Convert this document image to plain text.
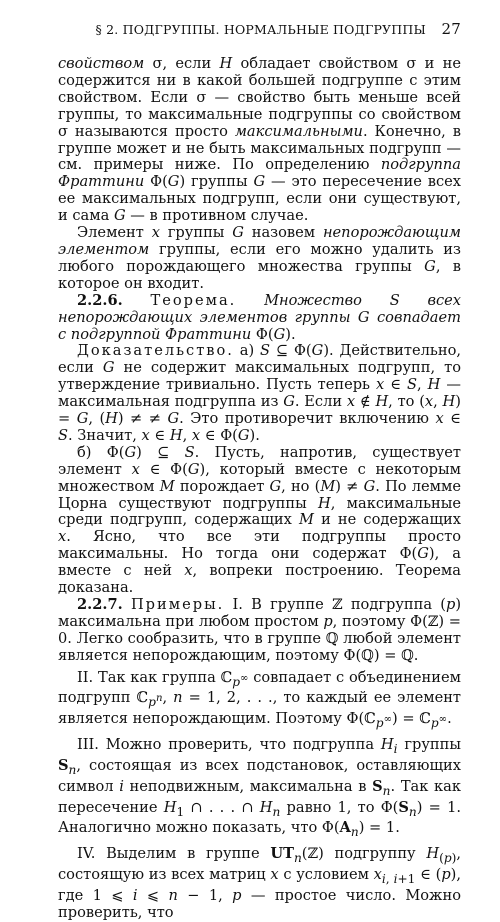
§ 2. ПОДГРУППЫ. НОРМАЛЬНЫЕ ПОДГРУППЫ	27

свойством σ, если H обладает свойством σ и не содержится ни в какой большей подгруппе с этим свойством. Если σ — свойство быть меньше всей группы, то максимальные подгруппы со свойством σ называются просто максимальными. Конечно, в группе может и не быть максимальных подгрупп — см. примеры ниже. По определению подгруппа Фраттини Φ(G) группы G — это пересечение всех ее максимальных подгрупп, если они существуют, и сама G — в противном случае.

Элемент x группы G назовем непорождающим элементом группы, если его можно удалить из любого порождающего множества группы G, в которое он входит.

2.2.6. Теорема. Множество S всех непорождающих элементов группы G совпадает с подгруппой Фраттини Φ(G).

Доказательство. а) S ⊆ Φ(G). Действительно, если G не содержит максимальных подгрупп, то утверждение тривиально. Пусть теперь x ∈ S, H — максимальная подгруппа из G. Если x ∉ H, то (x, H) = G, (H) ≠ ≠ G. Это противоречит включению x ∈ S. Значит, x ∈ H, x ∈ Φ(G).

б) Φ(G) ⊆ S. Пусть, напротив, существует элемент x ∈ Φ(G), который вместе с некоторым множеством M порождает G, но (M) ≠ G. По лемме Цорна существуют подгруппы H, максимальные среди подгрупп, содержащих M и не содержащих x. Ясно, что все эти подгруппы просто максимальны. Но тогда они содержат Φ(G), а вместе с ней x, вопреки построению. Теорема доказана.

2.2.7. Примеры. I. В группе ℤ подгруппа (p) максимальна при любом простом p, поэтому Φ(ℤ) = 0. Легко сообразить, что в группе ℚ любой элемент является непорождающим, поэтому Φ(ℚ) = ℚ.

II. Так как группа ℂ$_{p^\infty}$ совпадает с объединением подгрупп ℂ$_{p^n}$, n = 1, 2, . . ., то каждый ее элемент является непорождающим. Поэтому Φ(ℂ$_{p^\infty}$) = ℂ$_{p^\infty}$.

III. Можно проверить, что подгруппа $H_i$ группы $S_n$, состоящая из всех подстановок, оставляющих символ i неподвижным, максимальна в $S_n$. Так как пересечение $H_1$ ∩ . . . ∩ $H_n$ равно 1, то $\Phi(S_n) = 1$. Аналогично можно показать, что $\Phi(A_n) = 1$.

IV. Выделим в группе $UT_n(ℤ)$ подгруппу $H_{(p)}$, состоящую из всех матриц x с условием $x_{i, i+1}$ ∈ (p), где 1 ⩽ i ⩽ n − 1, p — простое число. Можно проверить, что
